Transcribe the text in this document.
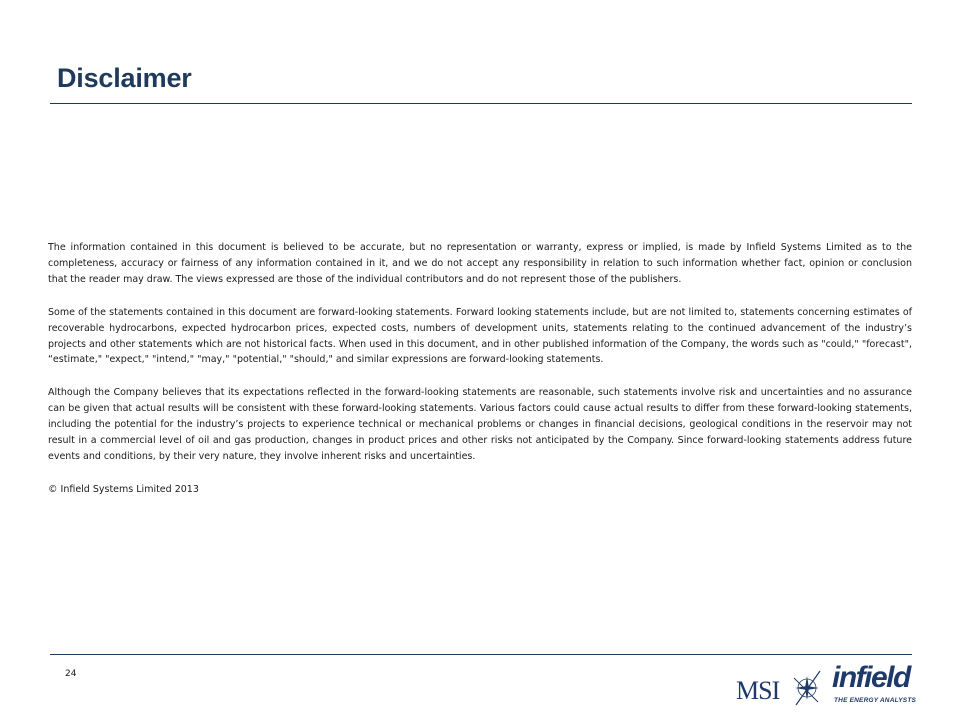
Disclaimer

The information contained in this document is believed to be accurate, but no representation or warranty, express or implied, is made by Infield Systems Limited as to the completeness, accuracy or fairness of any information contained in it, and we do not accept any responsibility in relation to such information whether fact, opinion or conclusion that the reader may draw. The views expressed are those of the individual contributors and do not represent those of the publishers.

Some of the statements contained in this document are forward-looking statements. Forward looking statements include, but are not limited to, statements concerning estimates of recoverable hydrocarbons, expected hydrocarbon prices, expected costs, numbers of development units, statements relating to the continued advancement of the industry’s projects and other statements which are not historical facts. When used in this document, and in other published information of the Company, the words such as "could," "forecast", “estimate," "expect," "intend," "may," "potential," "should," and similar expressions are forward-looking statements.

Although the Company believes that its expectations reflected in the forward-looking statements are reasonable, such statements involve risk and uncertainties and no assurance can be given that actual results will be consistent with these forward-looking statements. Various factors could cause actual results to differ from these forward-looking statements, including the potential for the industry’s projects to experience technical or mechanical problems or changes in financial decisions, geological conditions in the reservoir may not result in a commercial level of oil and gas production, changes in product prices and other risks not anticipated by the Company. Since forward-looking statements address future events and conditions, by their very nature, they involve inherent risks and uncertainties.

© Infield Systems Limited 2013

24
MSI infield
THE ENERGY ANALYSTS
